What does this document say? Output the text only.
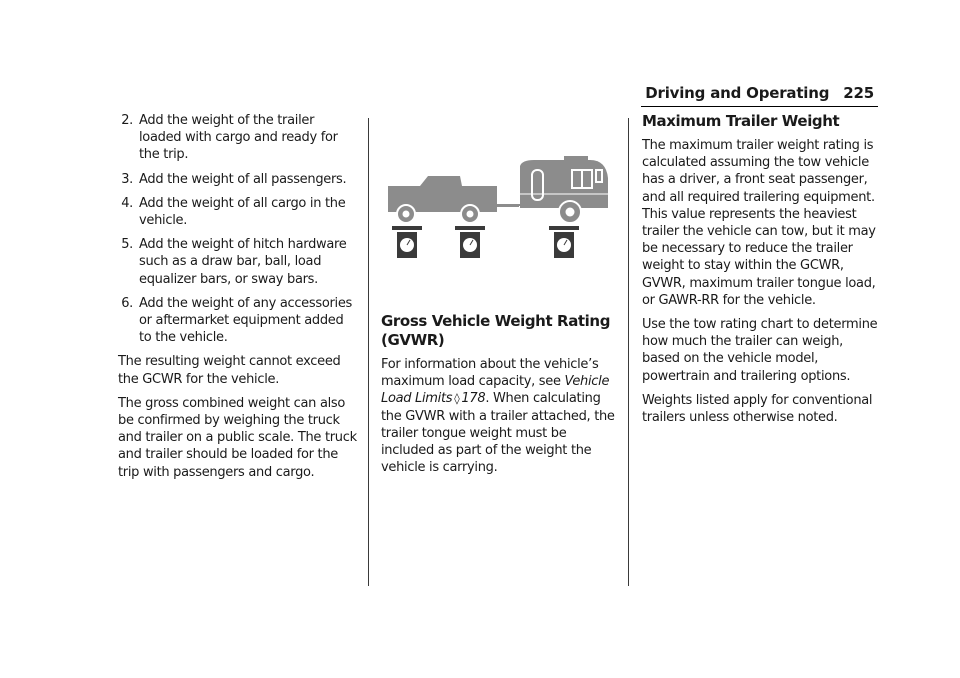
Driving and Operating 225
2. Add the weight of the trailer loaded with cargo and ready for the trip.
3. Add the weight of all passengers.
4. Add the weight of all cargo in the vehicle.
5. Add the weight of hitch hardware such as a draw bar, ball, load equalizer bars, or sway bars.
6. Add the weight of any accessories or aftermarket equipment added to the vehicle.

The resulting weight cannot exceed the GCWR for the vehicle.

The gross combined weight can also be confirmed by weighing the truck and trailer on a public scale. The truck and trailer should be loaded for the trip with passengers and cargo.

Gross Vehicle Weight Rating (GVWR)

For information about the vehicle’s maximum load capacity, see Vehicle Load Limits ◊ 178. When calculating the GVWR with a trailer attached, the trailer tongue weight must be included as part of the weight the vehicle is carrying.

Maximum Trailer Weight

The maximum trailer weight rating is calculated assuming the tow vehicle has a driver, a front seat passenger, and all required trailering equipment. This value represents the heaviest trailer the vehicle can tow, but it may be necessary to reduce the trailer weight to stay within the GCWR, GVWR, maximum trailer tongue load, or GAWR-RR for the vehicle.

Use the tow rating chart to determine how much the trailer can weigh, based on the vehicle model, powertrain and trailering options.

Weights listed apply for conventional trailers unless otherwise noted.
